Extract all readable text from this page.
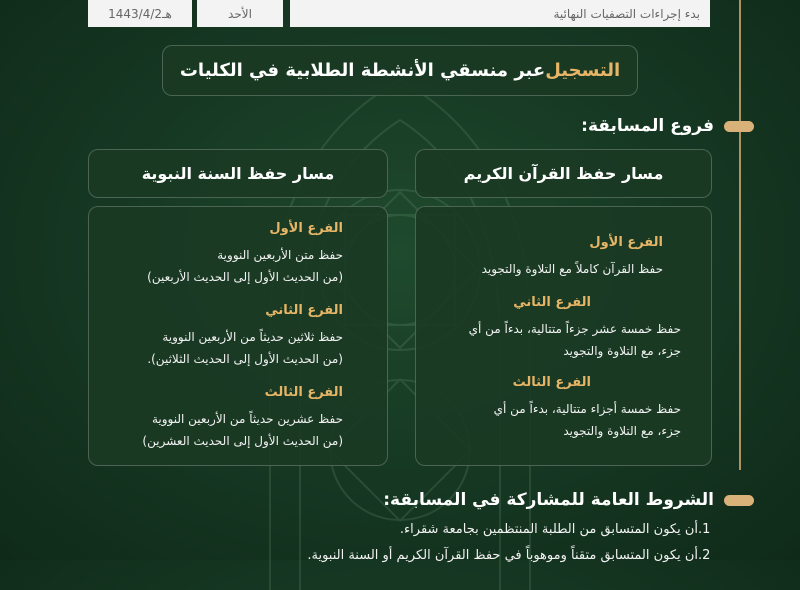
بدء إجراءات التصفيات النهائية
الأحد
1443/4/2هـ
التسجيل
عبر منسقي الأنشطة الطلابية في الكليات
فروع المسابقة:
مسار حفظ القرآن الكريم
مسار حفظ السنة النبوية
الفرع الأول
حفظ القرآن كاملاً مع التلاوة والتجويد
الفرع الثاني
حفظ خمسة عشر جزءاً متتالية، بدءاً من أي
جزء، مع التلاوة والتجويد
الفرع الثالث
حفظ خمسة أجزاء متتالية، بدءاً من أي
جزء، مع التلاوة والتجويد
الفرع الأول
حفظ متن الأربعين النووية
(من الحديث الأول إلى الحديث الأربعين)
الفرع الثاني
حفظ ثلاثين حديثاً من الأربعين النووية
(من الحديث الأول إلى الحديث الثلاثين).
الفرع الثالث
حفظ عشرين حديثاً من الأربعين النووية
(من الحديث الأول إلى الحديث العشرين)
الشروط العامة للمشاركة في المسابقة:
1.
أن يكون المتسابق من الطلبة المنتظمين بجامعة شقراء.
2.
أن يكون المتسابق متقناً وموهوباً في حفظ القرآن الكريم أو السنة النبوية.
